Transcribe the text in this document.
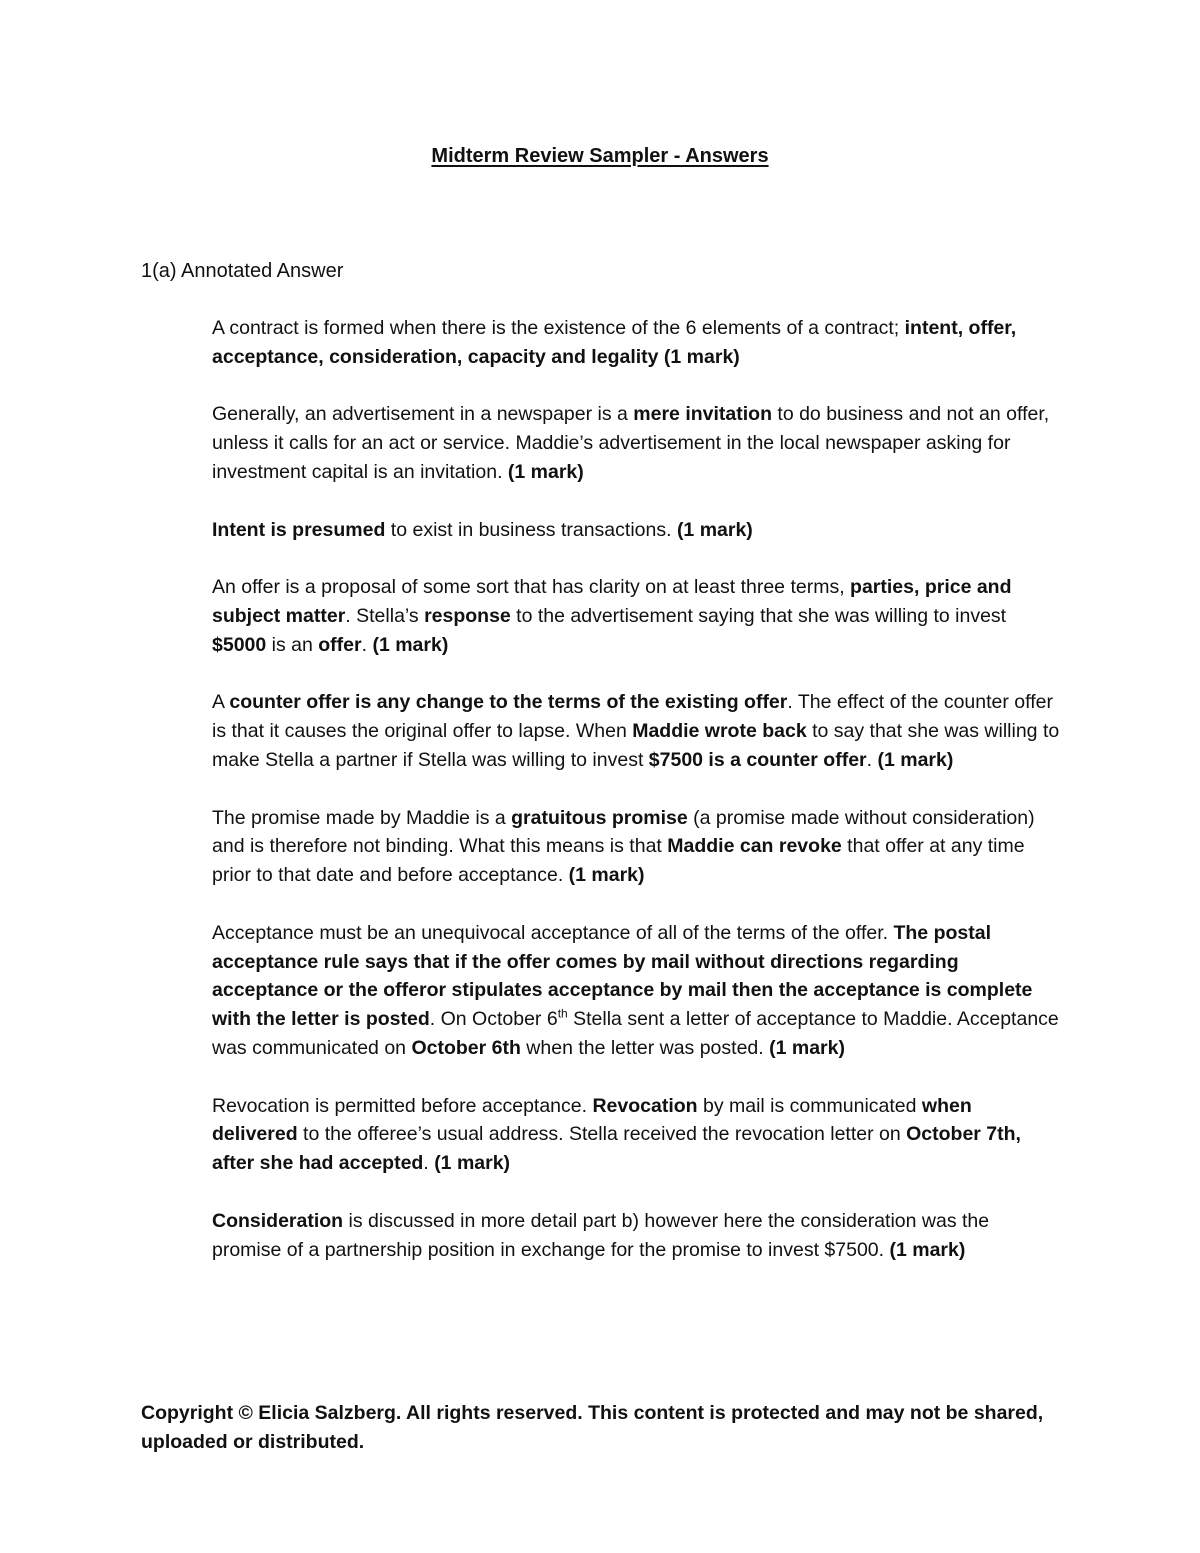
Midterm Review Sampler - Answers
1(a) Annotated Answer

A contract is formed when there is the existence of the 6 elements of a contract; intent, offer, acceptance, consideration, capacity and legality (1 mark)

Generally, an advertisement in a newspaper is a mere invitation to do business and not an offer, unless it calls for an act or service. Maddie’s advertisement in the local newspaper asking for investment capital is an invitation. (1 mark)

Intent is presumed to exist in business transactions. (1 mark)

An offer is a proposal of some sort that has clarity on at least three terms, parties, price and subject matter. Stella’s response to the advertisement saying that she was willing to invest $5000 is an offer. (1 mark)

A counter offer is any change to the terms of the existing offer. The effect of the counter offer is that it causes the original offer to lapse. When Maddie wrote back to say that she was willing to make Stella a partner if Stella was willing to invest $7500 is a counter offer. (1 mark)

The promise made by Maddie is a gratuitous promise (a promise made without consideration) and is therefore not binding. What this means is that Maddie can revoke that offer at any time prior to that date and before acceptance. (1 mark)

Acceptance must be an unequivocal acceptance of all of the terms of the offer. The postal acceptance rule says that if the offer comes by mail without directions regarding acceptance or the offeror stipulates acceptance by mail then the acceptance is complete with the letter is posted. On October 6th Stella sent a letter of acceptance to Maddie. Acceptance was communicated on October 6th when the letter was posted. (1 mark)

Revocation is permitted before acceptance. Revocation by mail is communicated when delivered to the offeree’s usual address. Stella received the revocation letter on October 7th, after she had accepted. (1 mark)

Consideration is discussed in more detail part b) however here the consideration was the promise of a partnership position in exchange for the promise to invest $7500. (1 mark)

Copyright © Elicia Salzberg. All rights reserved. This content is protected and may not be shared, uploaded or distributed.
